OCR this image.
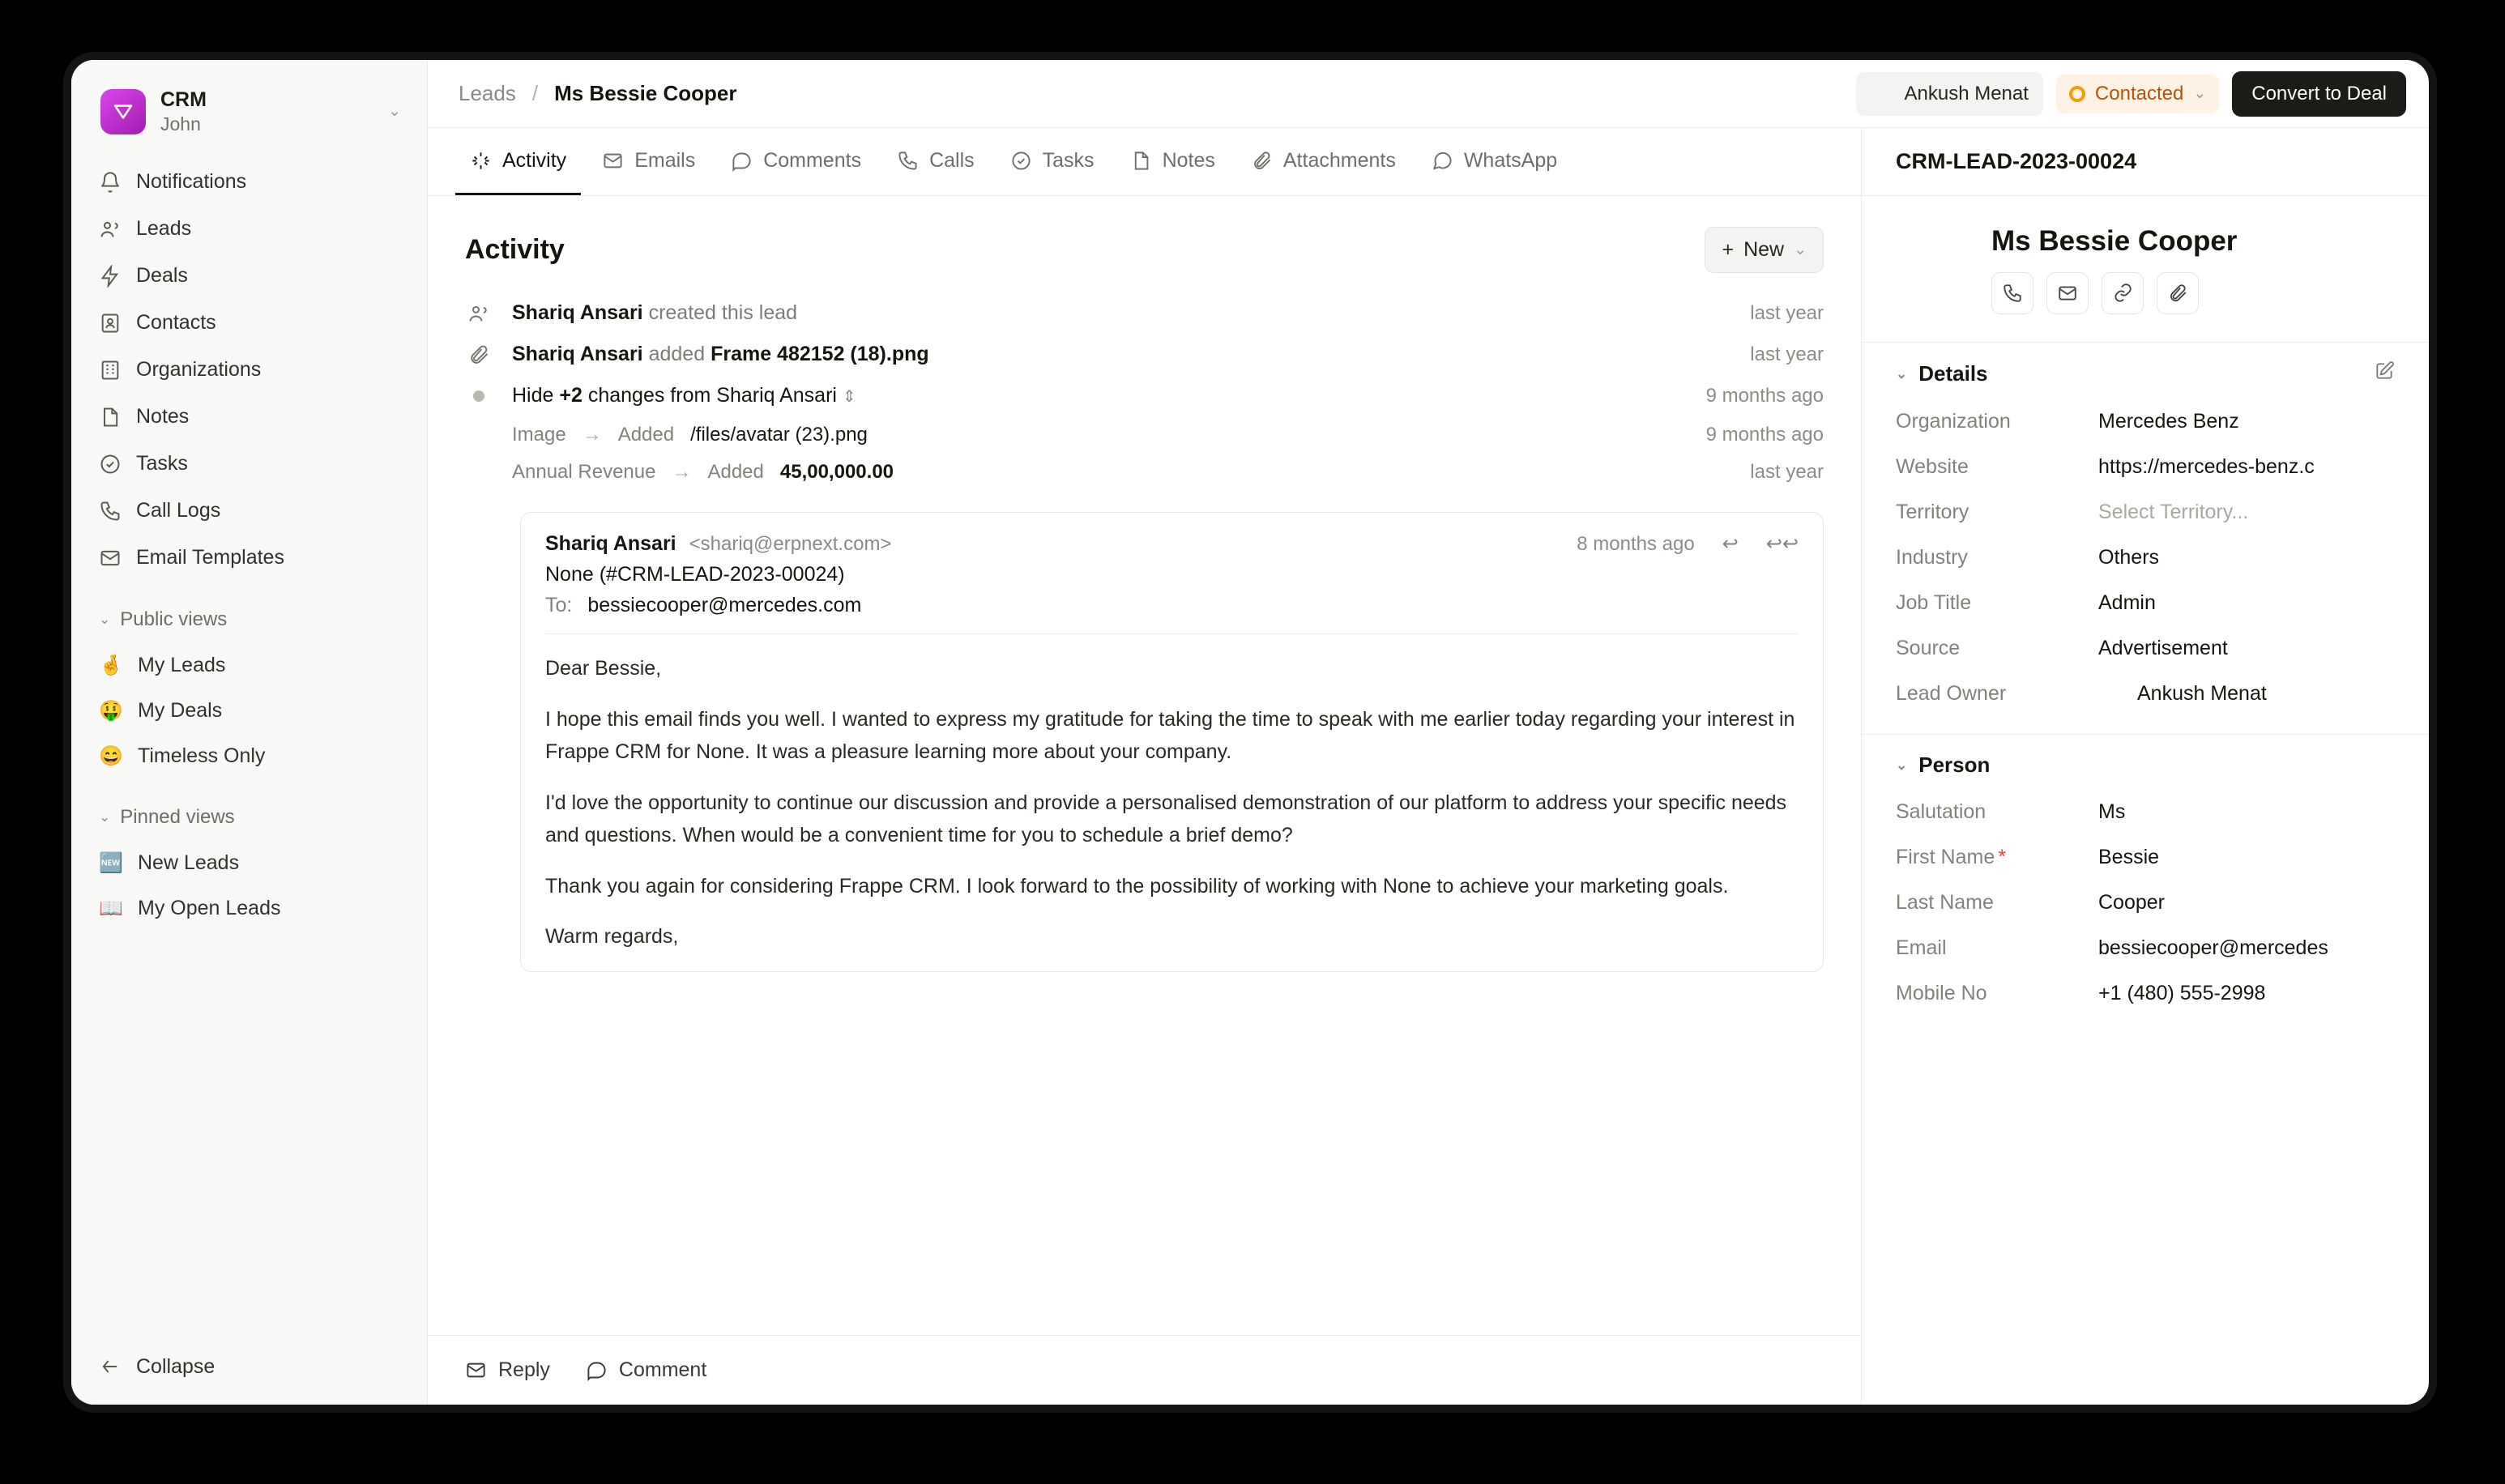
CRM
John
⌄
Notifications
Leads
Deals
Contacts
Organizations
Notes
Tasks
Call Logs
Email Templates
⌄ Public views
🤞 My Leads
🤑 My Deals
😄 Timeless Only
⌄ Pinned views
🆕 New Leads
📖 My Open Leads
Collapse
Leads / Ms Bessie Cooper	Ankush Menat	Contacted ⌄	Convert to Deal
Activity	Emails	Comments	Calls	Tasks	Notes	Attachments	WhatsApp
Activity	+ New ⌄
Shariq Ansari created this lead	last year
Shariq Ansari added Frame 482152 (18).png	last year
Hide +2 changes from Shariq Ansari ⇕	9 months ago
Image → Added /files/avatar (23).png	9 months ago
Annual Revenue → Added 45,00,000.00	last year
Shariq Ansari <shariq@erpnext.com>	8 months ago ↩ ↩↩
None (#CRM-LEAD-2023-00024)
To: bessiecooper@mercedes.com

Dear Bessie,

I hope this email finds you well. I wanted to express my gratitude for taking the time to speak with me earlier today regarding your interest in Frappe CRM for None. It was a pleasure learning more about your company.

I'd love the opportunity to continue our discussion and provide a personalised demonstration of our platform to address your specific needs and questions. When would be a convenient time for you to schedule a brief demo?

Thank you again for considering Frappe CRM. I look forward to the possibility of working with None to achieve your marketing goals.

Warm regards,

Reply	Comment
CRM-LEAD-2023-00024
Ms Bessie Cooper
⌄ Details
Organization	Mercedes Benz
Website	https://mercedes-benz.c
Territory	Select Territory...
Industry	Others
Job Title	Admin
Source	Advertisement
Lead Owner	Ankush Menat
⌄ Person
Salutation	Ms
First Name *	Bessie
Last Name	Cooper
Email	bessiecooper@mercedes
Mobile No	+1 (480) 555-2998
